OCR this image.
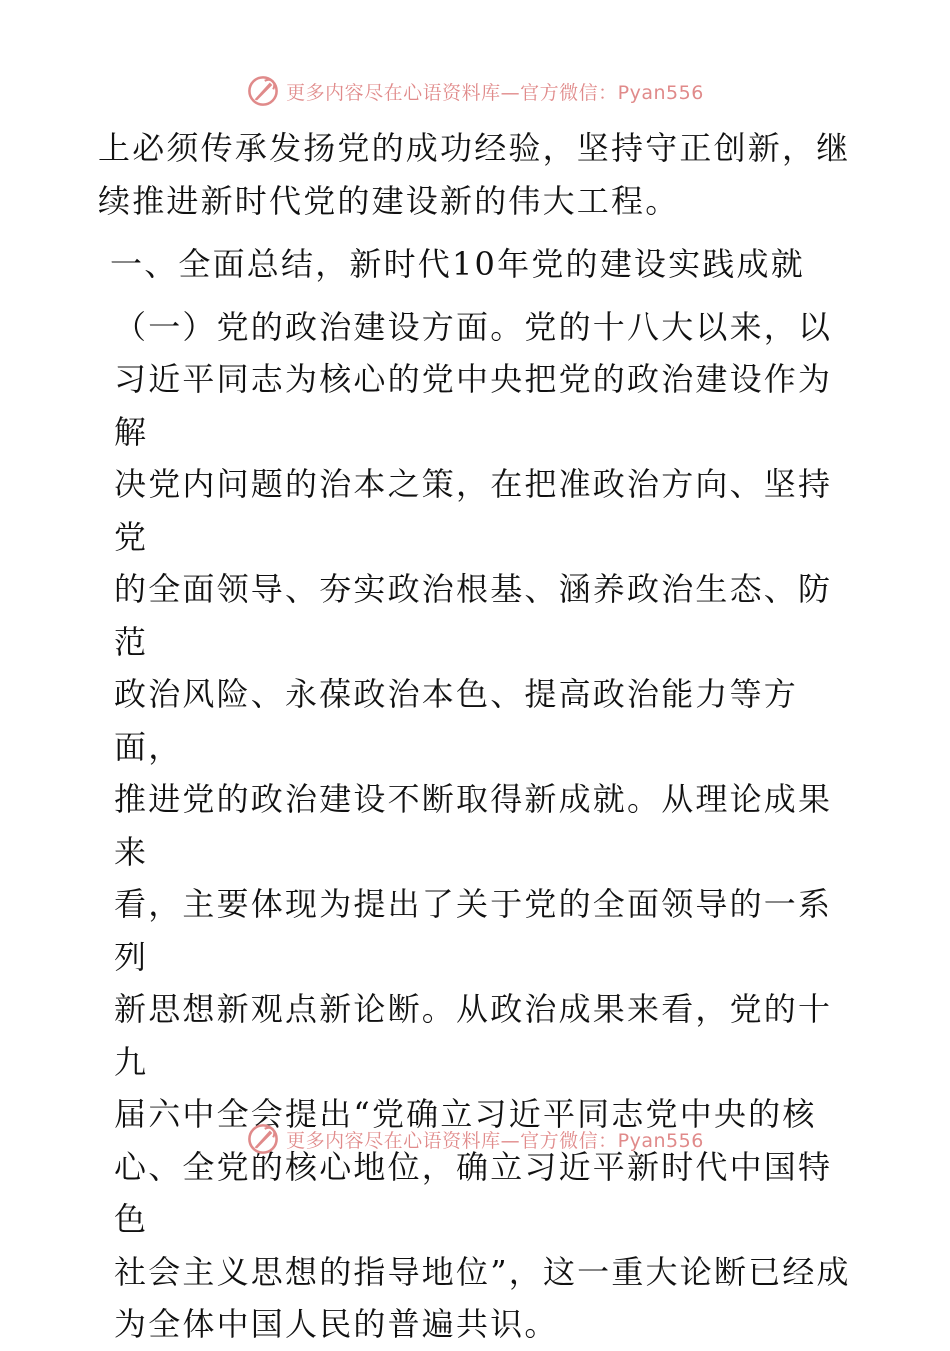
更多内容尽在心语资料库—官方微信：Pyan556

上必须传承发扬党的成功经验，坚持守正创新，继
续推进新时代党的建设新的伟大工程。

一、全面总结，新时代10年党的建设实践成就

（一）党的政治建设方面。党的十八大以来，以
习近平同志为核心的党中央把党的政治建设作为解
决党内问题的治本之策，在把准政治方向、坚持党
的全面领导、夯实政治根基、涵养政治生态、防范
政治风险、永葆政治本色、提高政治能力等方面，
推进党的政治建设不断取得新成就。从理论成果来
看，主要体现为提出了关于党的全面领导的一系列
新思想新观点新论断。从政治成果来看，党的十九
届六中全会提出“党确立习近平同志党中央的核
心、全党的核心地位，确立习近平新时代中国特色
社会主义思想的指导地位”，这一重大论断已经成
为全体中国人民的普遍共识。

更多内容尽在心语资料库—官方微信：Pyan556
